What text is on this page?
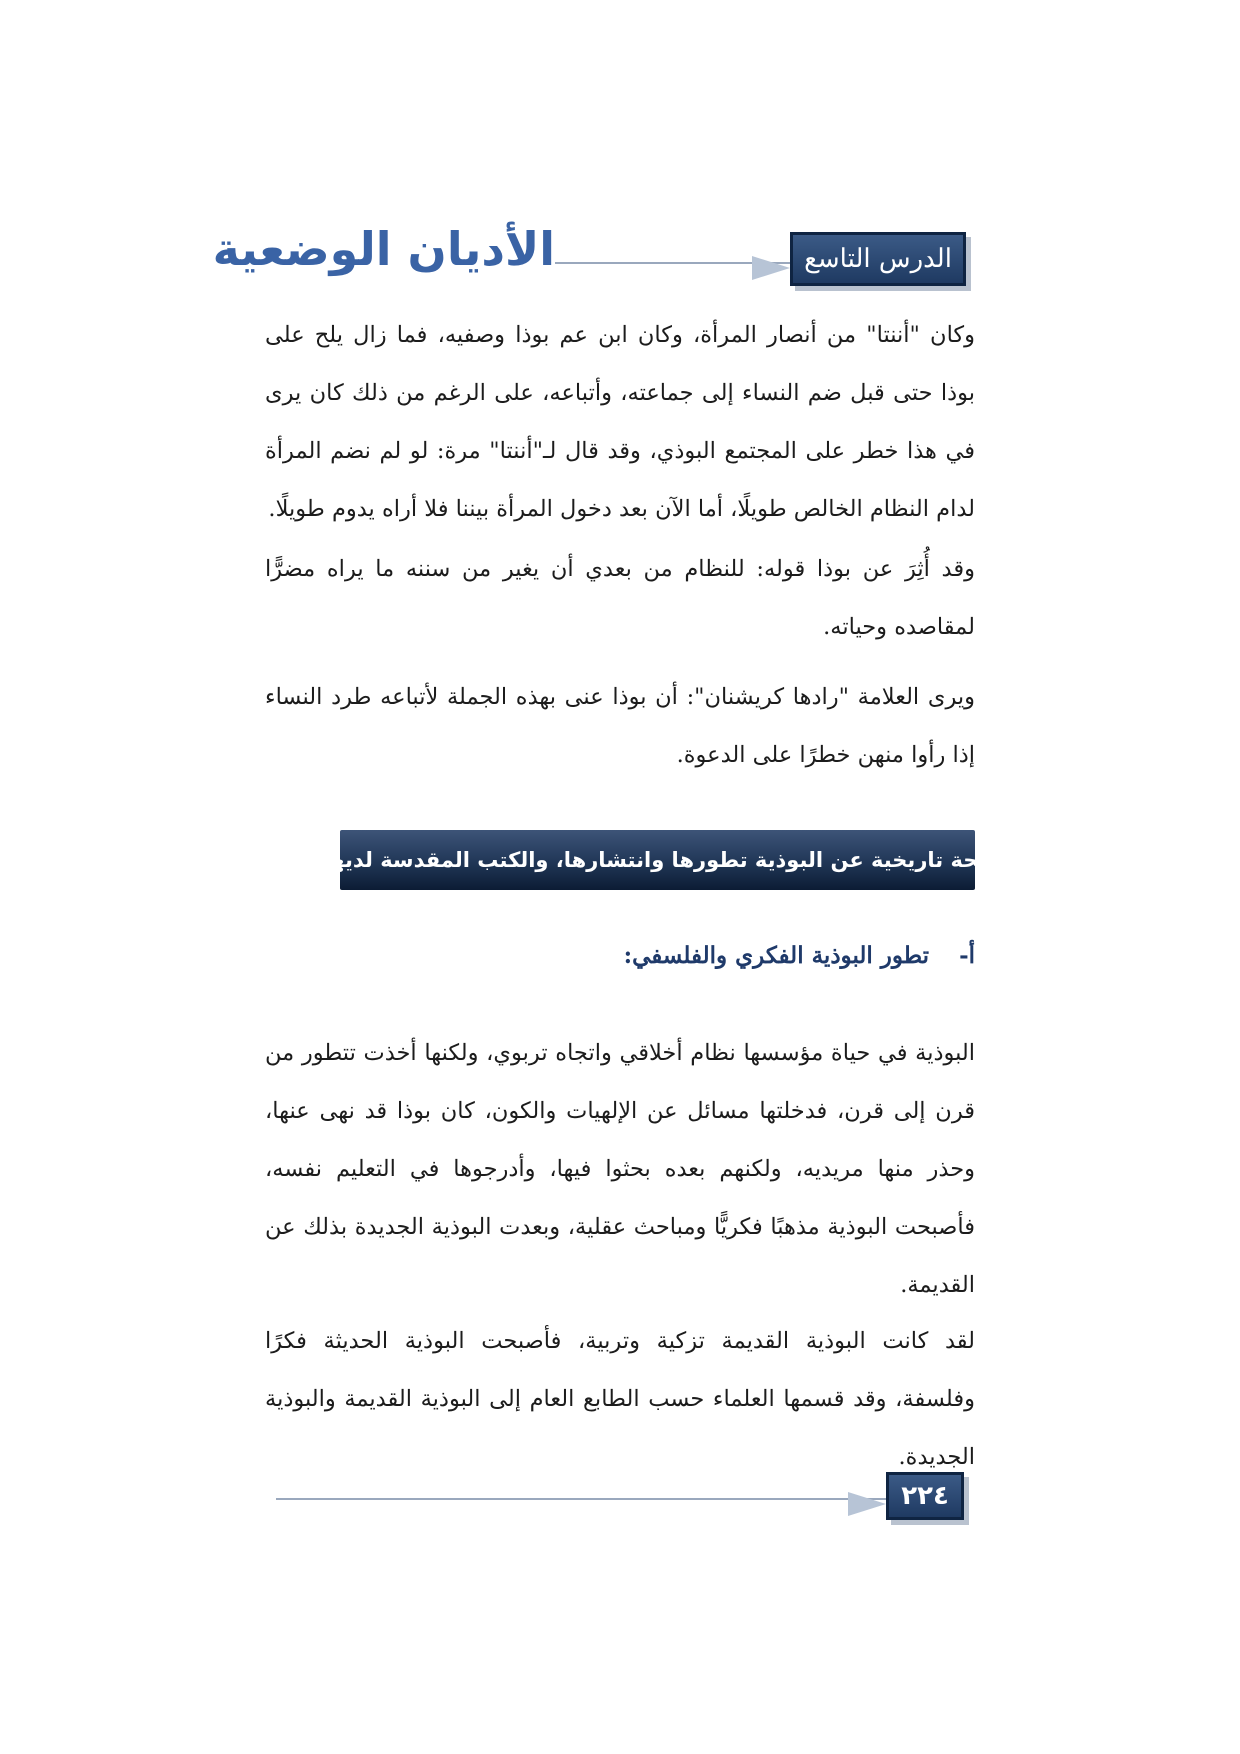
الدرس التاسع
الأديان الوضعية

وكان "أننتا" من أنصار المرأة، وكان ابن عم بوذا وصفيه، فما زال يلح على بوذا حتى قبل ضم النساء إلى جماعته، وأتباعه، على الرغم من ذلك كان يرى في هذا خطر على المجتمع البوذي، وقد قال لـ"أننتا" مرة: لو لم نضم المرأة لدام النظام الخالص طويلًا، أما الآن بعد دخول المرأة بيننا فلا أراه يدوم طويلًا.

وقد أُثِرَ عن بوذا قوله: للنظام من بعدي أن يغير من سننه ما يراه مضرًّا لمقاصده وحياته.

ويرى العلامة "رادها كريشنان": أن بوذا عنى بهذه الجملة لأتباعه طرد النساء إذا رأوا منهن خطرًا على الدعوة.

لمحة تاريخية عن البوذية تطورها وانتشارها، والكتب المقدسة لديهم
أ- تطور البوذية الفكري والفلسفي:

البوذية في حياة مؤسسها نظام أخلاقي واتجاه تربوي، ولكنها أخذت تتطور من قرن إلى قرن، فدخلتها مسائل عن الإلهيات والكون، كان بوذا قد نهى عنها، وحذر منها مريديه، ولكنهم بعده بحثوا فيها، وأدرجوها في التعليم نفسه، فأصبحت البوذية مذهبًا فكريًّا ومباحث عقلية، وبعدت البوذية الجديدة بذلك عن القديمة.

لقد كانت البوذية القديمة تزكية وتربية، فأصبحت البوذية الحديثة فكرًا وفلسفة، وقد قسمها العلماء حسب الطابع العام إلى البوذية القديمة والبوذية الجديدة.

٢٢٤
